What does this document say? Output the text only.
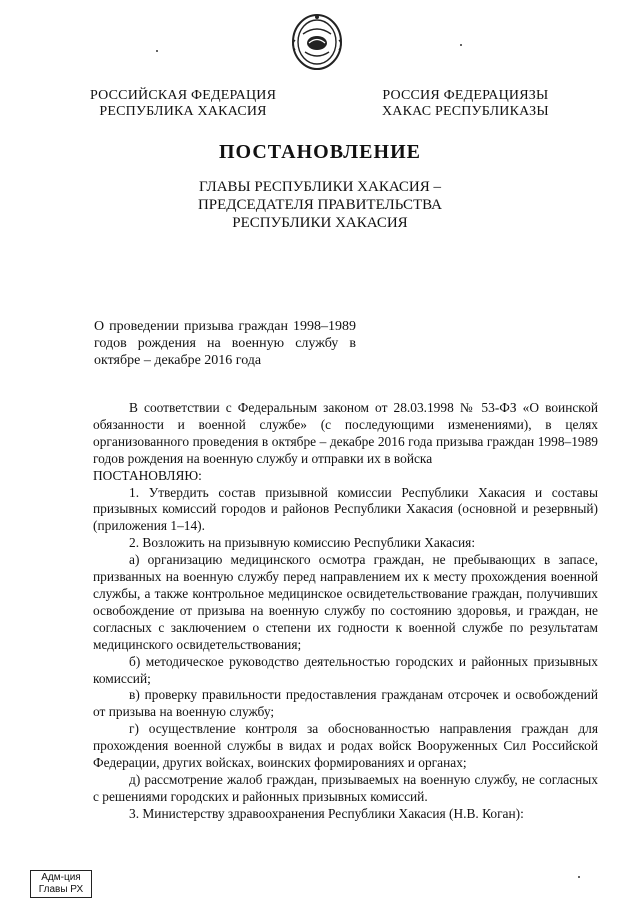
РОССИЙСКАЯ ФЕДЕРАЦИЯ
РЕСПУБЛИКА ХАКАСИЯ
РОССИЯ ФЕДЕРАЦИЯЗЫ
ХАКАС РЕСПУБЛИКАЗЫ
ПОСТАНОВЛЕНИЕ
ГЛАВЫ РЕСПУБЛИКИ ХАКАСИЯ –
ПРЕДСЕДАТЕЛЯ ПРАВИТЕЛЬСТВА
РЕСПУБЛИКИ ХАКАСИЯ
О проведении призыва граждан 1998–1989 годов рождения на военную службу в октябре – декабре 2016 года

В соответствии с Федеральным законом от 28.03.1998 № 53-ФЗ «О воинской обязанности и военной службе» (с последующими изменениями), в целях организованного проведения в октябре – декабре 2016 года призыва граждан 1998–1989 годов рождения на военную службу и отправки их в войска

ПОСТАНОВЛЯЮ:

1. Утвердить состав призывной комиссии Республики Хакасия и составы призывных комиссий городов и районов Республики Хакасия (основной и резервный) (приложения 1–14).

2. Возложить на призывную комиссию Республики Хакасия:

а) организацию медицинского осмотра граждан, не пребывающих в запасе, призванных на военную службу перед направлением их к месту прохождения военной службы, а также контрольное медицинское освидетельствование граждан, получивших освобождение от призыва на военную службу по состоянию здоровья, и граждан, не согласных с заключением о степени их годности к военной службе по результатам медицинского освидетельствования;

б) методическое руководство деятельностью городских и районных призывных комиссий;

в) проверку правильности предоставления гражданам отсрочек и освобождений от призыва на военную службу;

г) осуществление контроля за обоснованностью направления граждан для прохождения военной службы в видах и родах войск Вооруженных Сил Российской Федерации, других войсках, воинских формированиях и органах;

д) рассмотрение жалоб граждан, призываемых на военную службу, не согласных с решениями городских и районных призывных комиссий.

3. Министерству здравоохранения Республики Хакасия (Н.В. Коган):

Адм-ция
Главы РХ
